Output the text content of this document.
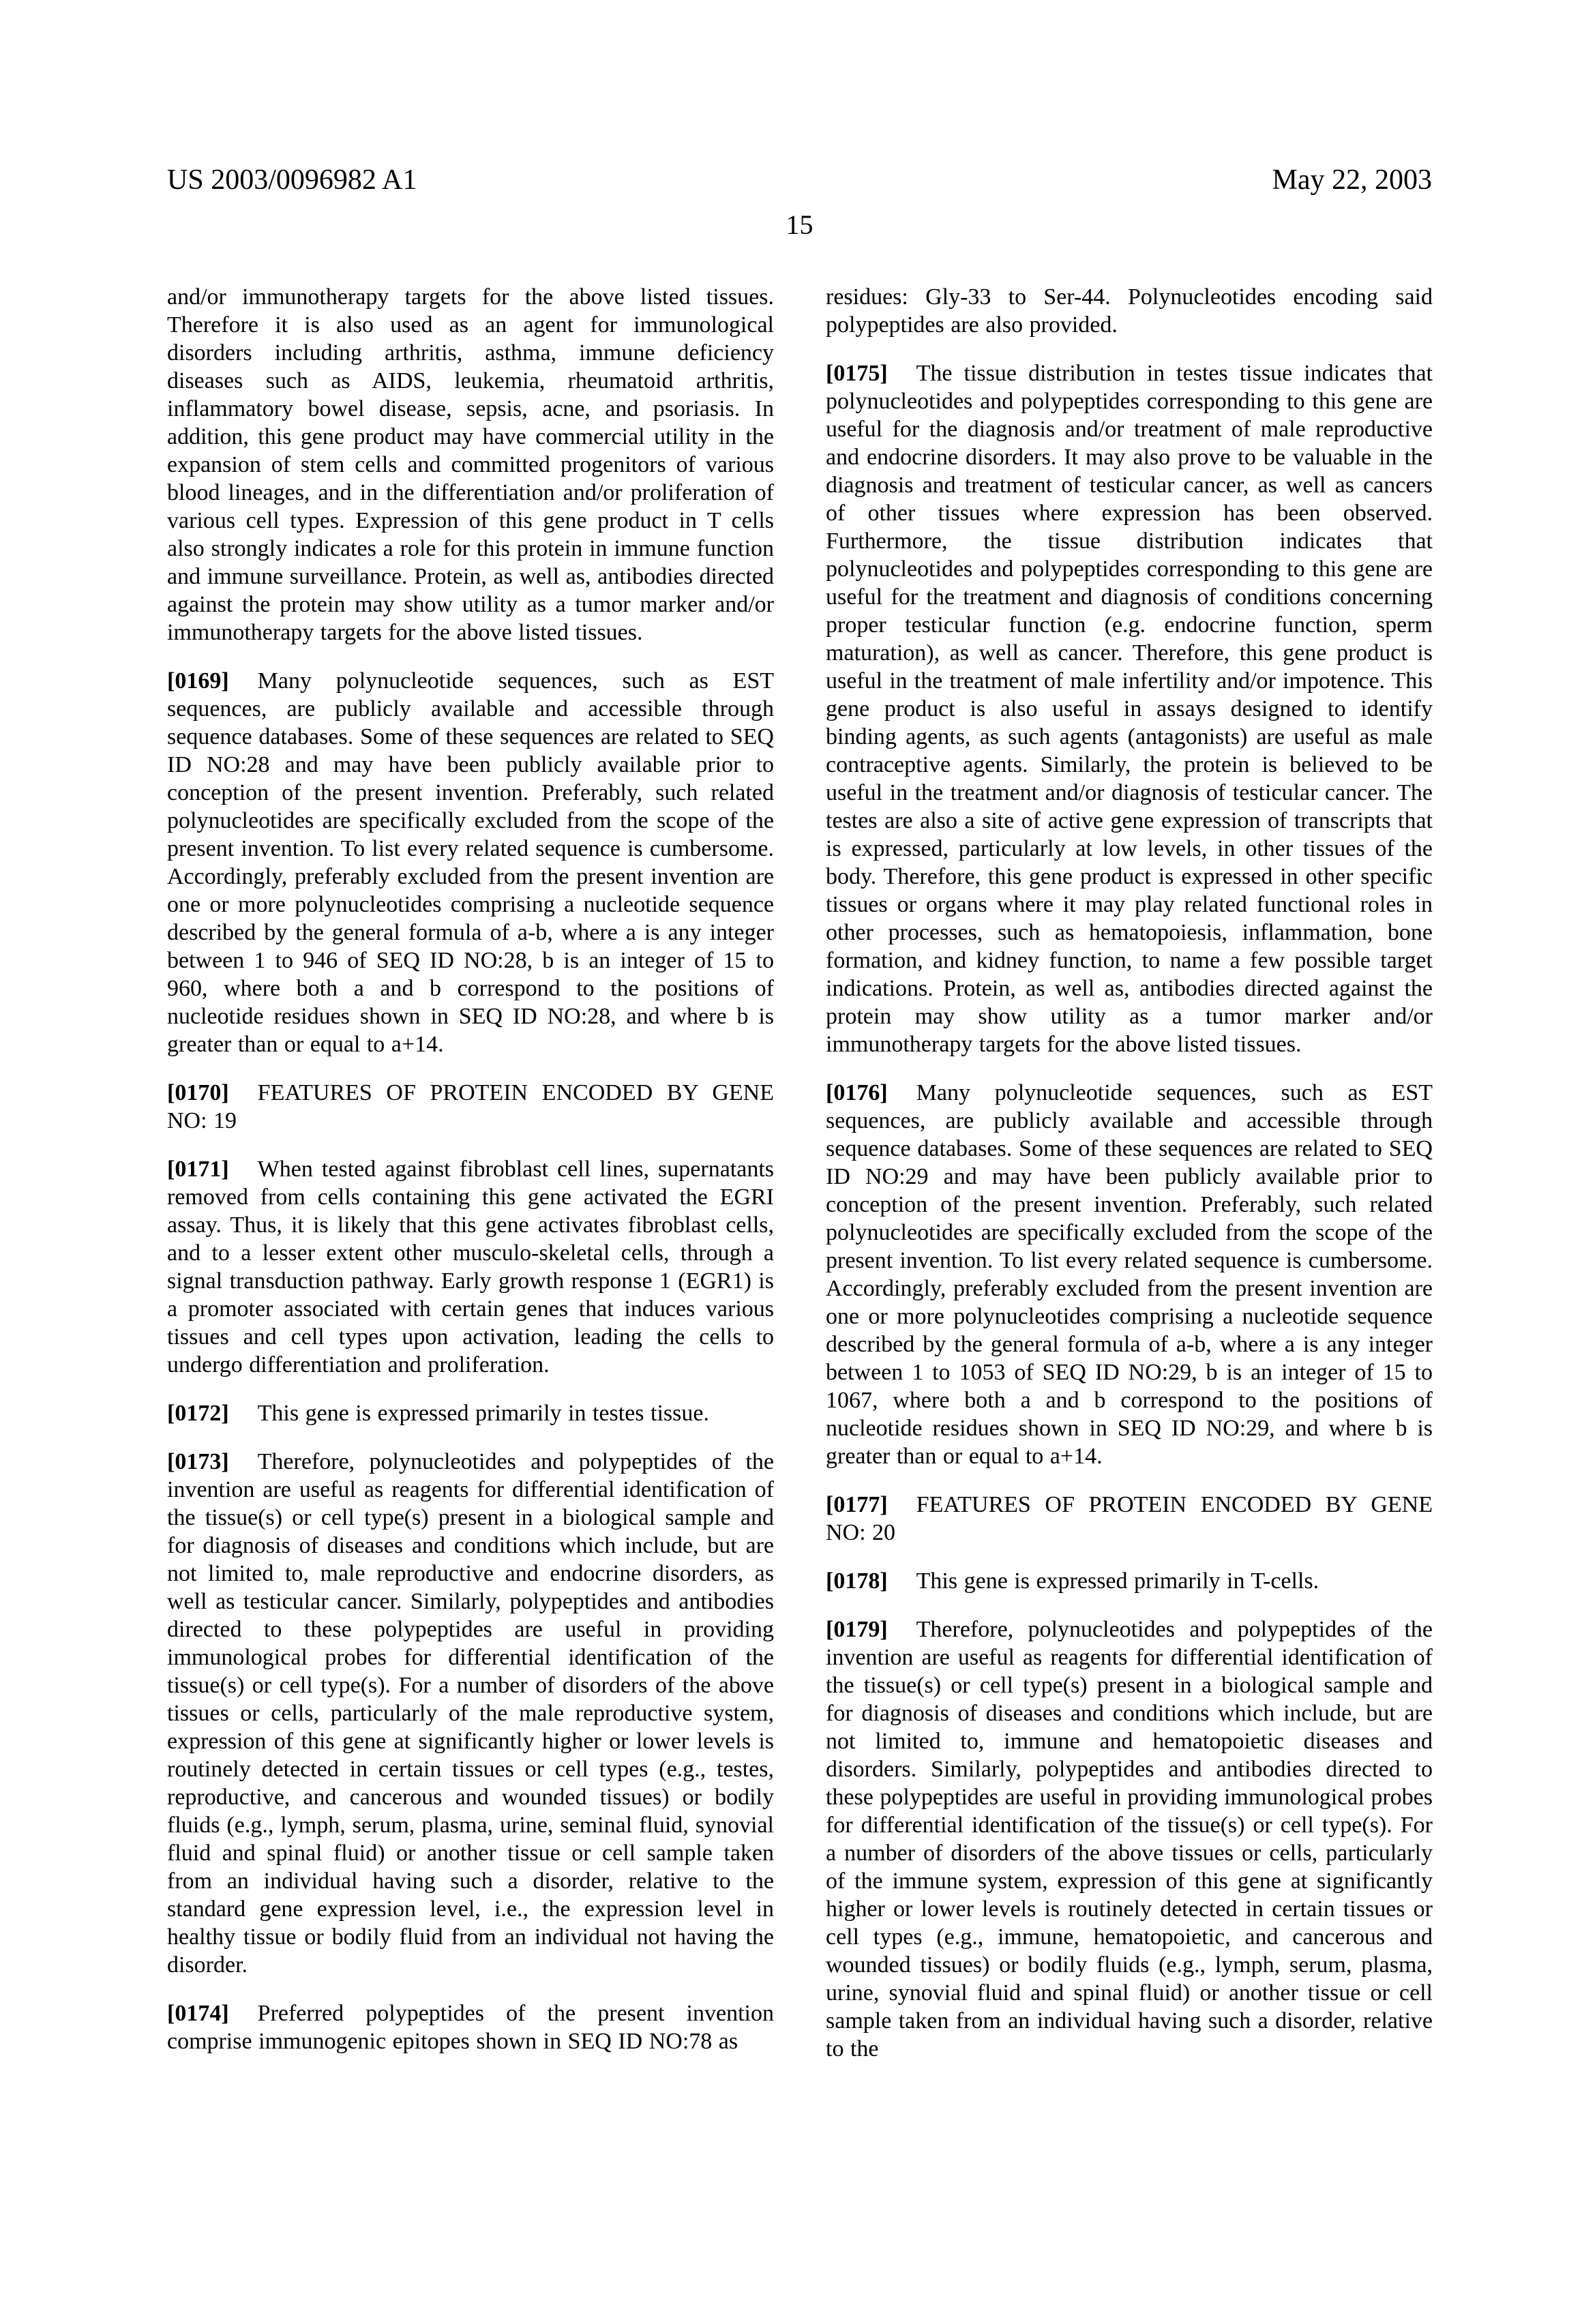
US 2003/0096982 A1	May 22, 2003
15

and/or immunotherapy targets for the above listed tissues. Therefore it is also used as an agent for immunological disorders including arthritis, asthma, immune deficiency diseases such as AIDS, leukemia, rheumatoid arthritis, inflammatory bowel disease, sepsis, acne, and psoriasis. In addition, this gene product may have commercial utility in the expansion of stem cells and committed progenitors of various blood lineages, and in the differentiation and/or proliferation of various cell types. Expression of this gene product in T cells also strongly indicates a role for this protein in immune function and immune surveillance. Protein, as well as, antibodies directed against the protein may show utility as a tumor marker and/or immunotherapy targets for the above listed tissues.

[0169] Many polynucleotide sequences, such as EST sequences, are publicly available and accessible through sequence databases. Some of these sequences are related to SEQ ID NO:28 and may have been publicly available prior to conception of the present invention. Preferably, such related polynucleotides are specifically excluded from the scope of the present invention. To list every related sequence is cumbersome. Accordingly, preferably excluded from the present invention are one or more polynucleotides comprising a nucleotide sequence described by the general formula of a-b, where a is any integer between 1 to 946 of SEQ ID NO:28, b is an integer of 15 to 960, where both a and b correspond to the positions of nucleotide residues shown in SEQ ID NO:28, and where b is greater than or equal to a+14.

[0170] FEATURES OF PROTEIN ENCODED BY GENE NO: 19

[0171] When tested against fibroblast cell lines, supernatants removed from cells containing this gene activated the EGRI assay. Thus, it is likely that this gene activates fibroblast cells, and to a lesser extent other musculo-skeletal cells, through a signal transduction pathway. Early growth response 1 (EGR1) is a promoter associated with certain genes that induces various tissues and cell types upon activation, leading the cells to undergo differentiation and proliferation.

[0172] This gene is expressed primarily in testes tissue.

[0173] Therefore, polynucleotides and polypeptides of the invention are useful as reagents for differential identification of the tissue(s) or cell type(s) present in a biological sample and for diagnosis of diseases and conditions which include, but are not limited to, male reproductive and endocrine disorders, as well as testicular cancer. Similarly, polypeptides and antibodies directed to these polypeptides are useful in providing immunological probes for differential identification of the tissue(s) or cell type(s). For a number of disorders of the above tissues or cells, particularly of the male reproductive system, expression of this gene at significantly higher or lower levels is routinely detected in certain tissues or cell types (e.g., testes, reproductive, and cancerous and wounded tissues) or bodily fluids (e.g., lymph, serum, plasma, urine, seminal fluid, synovial fluid and spinal fluid) or another tissue or cell sample taken from an individual having such a disorder, relative to the standard gene expression level, i.e., the expression level in healthy tissue or bodily fluid from an individual not having the disorder.

[0174] Preferred polypeptides of the present invention comprise immunogenic epitopes shown in SEQ ID NO:78 as

residues: Gly-33 to Ser-44. Polynucleotides encoding said polypeptides are also provided.

[0175] The tissue distribution in testes tissue indicates that polynucleotides and polypeptides corresponding to this gene are useful for the diagnosis and/or treatment of male reproductive and endocrine disorders. It may also prove to be valuable in the diagnosis and treatment of testicular cancer, as well as cancers of other tissues where expression has been observed. Furthermore, the tissue distribution indicates that polynucleotides and polypeptides corresponding to this gene are useful for the treatment and diagnosis of conditions concerning proper testicular function (e.g. endocrine function, sperm maturation), as well as cancer. Therefore, this gene product is useful in the treatment of male infertility and/or impotence. This gene product is also useful in assays designed to identify binding agents, as such agents (antagonists) are useful as male contraceptive agents. Similarly, the protein is believed to be useful in the treatment and/or diagnosis of testicular cancer. The testes are also a site of active gene expression of transcripts that is expressed, particularly at low levels, in other tissues of the body. Therefore, this gene product is expressed in other specific tissues or organs where it may play related functional roles in other processes, such as hematopoiesis, inflammation, bone formation, and kidney function, to name a few possible target indications. Protein, as well as, antibodies directed against the protein may show utility as a tumor marker and/or immunotherapy targets for the above listed tissues.

[0176] Many polynucleotide sequences, such as EST sequences, are publicly available and accessible through sequence databases. Some of these sequences are related to SEQ ID NO:29 and may have been publicly available prior to conception of the present invention. Preferably, such related polynucleotides are specifically excluded from the scope of the present invention. To list every related sequence is cumbersome. Accordingly, preferably excluded from the present invention are one or more polynucleotides comprising a nucleotide sequence described by the general formula of a-b, where a is any integer between 1 to 1053 of SEQ ID NO:29, b is an integer of 15 to 1067, where both a and b correspond to the positions of nucleotide residues shown in SEQ ID NO:29, and where b is greater than or equal to a+14.

[0177] FEATURES OF PROTEIN ENCODED BY GENE NO: 20

[0178] This gene is expressed primarily in T-cells.

[0179] Therefore, polynucleotides and polypeptides of the invention are useful as reagents for differential identification of the tissue(s) or cell type(s) present in a biological sample and for diagnosis of diseases and conditions which include, but are not limited to, immune and hematopoietic diseases and disorders. Similarly, polypeptides and antibodies directed to these polypeptides are useful in providing immunological probes for differential identification of the tissue(s) or cell type(s). For a number of disorders of the above tissues or cells, particularly of the immune system, expression of this gene at significantly higher or lower levels is routinely detected in certain tissues or cell types (e.g., immune, hematopoietic, and cancerous and wounded tissues) or bodily fluids (e.g., lymph, serum, plasma, urine, synovial fluid and spinal fluid) or another tissue or cell sample taken from an individual having such a disorder, relative to the
